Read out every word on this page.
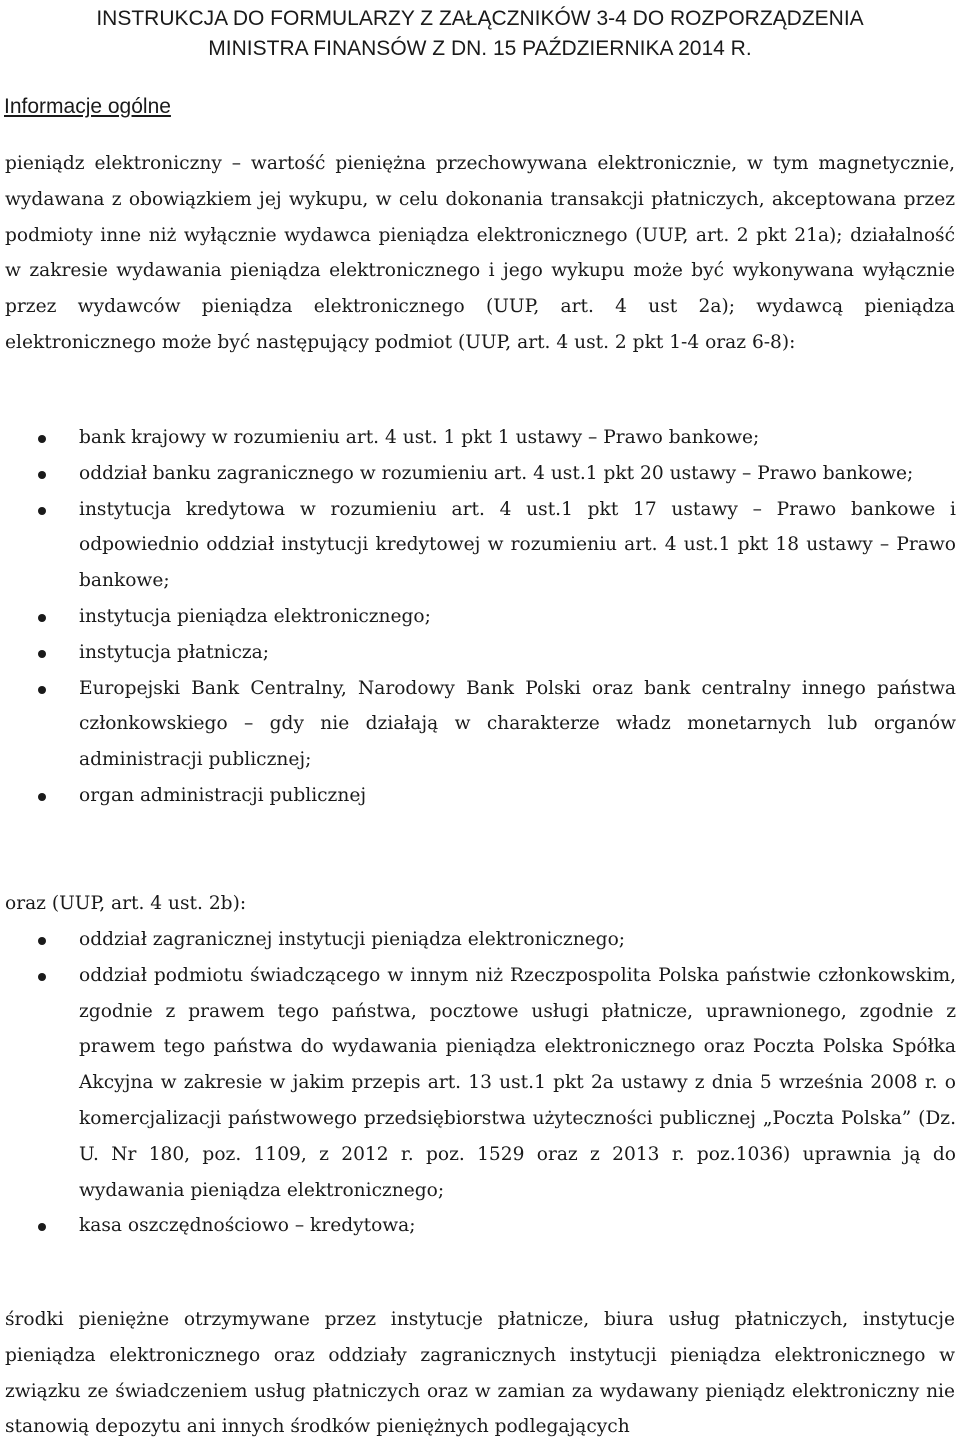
INSTRUKCJA DO FORMULARZY Z ZAŁĄCZNIKÓW 3-4 DO ROZPORZĄDZENIA
MINISTRA FINANSÓW Z DN. 15 PAŹDZIERNIKA 2014 R.
Informacje ogólne

pieniądz elektroniczny – wartość pieniężna przechowywana elektronicznie, w tym magnetycznie, wydawana z obowiązkiem jej wykupu, w celu dokonania transakcji płatniczych, akceptowana przez podmioty inne niż wyłącznie wydawca pieniądza elektronicznego (UUP, art. 2 pkt 21a); działalność w zakresie wydawania pieniądza elektronicznego i jego wykupu może być wykonywana wyłącznie przez wydawców pieniądza elektronicznego (UUP, art. 4 ust 2a); wydawcą pieniądza elektronicznego może być następujący podmiot (UUP, art. 4 ust. 2 pkt 1-4 oraz 6-8):

bank krajowy w rozumieniu art. 4 ust. 1 pkt 1 ustawy – Prawo bankowe;
oddział banku zagranicznego w rozumieniu art. 4 ust.1 pkt 20 ustawy – Prawo bankowe;
instytucja kredytowa w rozumieniu art. 4 ust.1 pkt 17 ustawy – Prawo bankowe i odpowiednio oddział instytucji kredytowej w rozumieniu art. 4 ust.1 pkt 18 ustawy – Prawo bankowe;
instytucja pieniądza elektronicznego;
instytucja płatnicza;
Europejski Bank Centralny, Narodowy Bank Polski oraz bank centralny innego państwa członkowskiego – gdy nie działają w charakterze władz monetarnych lub organów administracji publicznej;
organ administracji publicznej

oraz (UUP, art. 4 ust. 2b):

oddział zagranicznej instytucji pieniądza elektronicznego;
oddział podmiotu świadczącego w innym niż Rzeczpospolita Polska państwie członkowskim, zgodnie z prawem tego państwa, pocztowe usługi płatnicze, uprawnionego, zgodnie z prawem tego państwa do wydawania pieniądza elektronicznego oraz Poczta Polska Spółka Akcyjna w zakresie w jakim przepis art. 13 ust.1 pkt 2a ustawy z dnia 5 września 2008 r. o komercjalizacji państwowego przedsiębiorstwa użyteczności publicznej „Poczta Polska” (Dz. U. Nr 180, poz. 1109, z 2012 r. poz. 1529 oraz z 2013 r. poz.1036) uprawnia ją do wydawania pieniądza elektronicznego;
kasa oszczędnościowo – kredytowa;

środki pieniężne otrzymywane przez instytucje płatnicze, biura usług płatniczych, instytucje pieniądza elektronicznego oraz oddziały zagranicznych instytucji pieniądza elektronicznego w związku ze świadczeniem usług płatniczych oraz w zamian za wydawany pieniądz elektroniczny nie stanowią depozytu ani innych środków pieniężnych podlegających
